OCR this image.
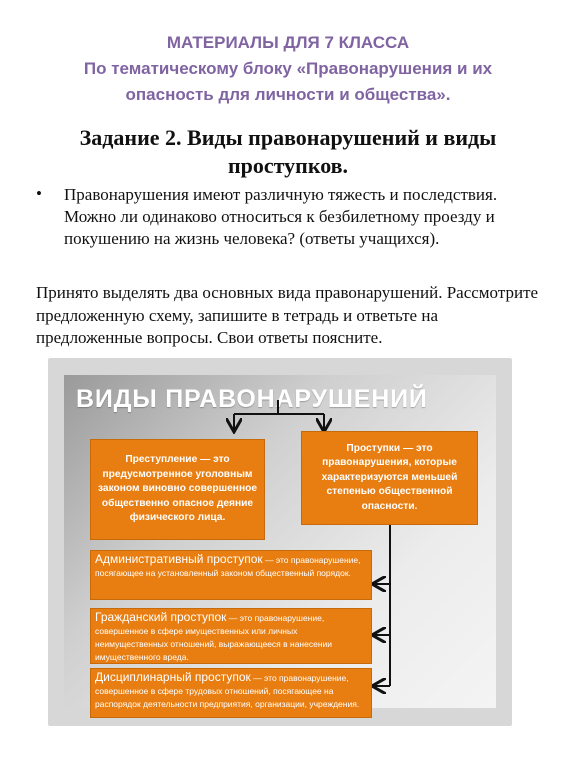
МАТЕРИАЛЫ ДЛЯ 7 КЛАССА
По тематическому блоку «Правонарушения и их
опасность для личности и общества».
Задание 2. Виды правонарушений и виды проступков.
• Правонарушения имеют различную тяжесть и последствия. Можно ли одинаково относиться к безбилетному проезду и покушению на жизнь человека? (ответы учащихся).
Принято выделять два основных вида правонарушений. Рассмотрите предложенную схему, запишите в тетрадь и ответьте на предложенные вопросы. Свои ответы поясните.
ВИДЫ ПРАВОНАРУШЕНИЙ
Преступление — это предусмотренное уголовным законом виновно совершенное общественно опасное деяние физического лица.
Проступки — это правонарушения, которые характеризуются меньшей степенью общественной опасности.
Административный проступок — это правонарушение, посягающее на установленный законом общественный порядок.
Гражданский проступок — это правонарушение, совершенное в сфере имущественных или личных неимущественных отношений, выражающееся в нанесении имущественного вреда.
Дисциплинарный проступок — это правонарушение, совершенное в сфере трудовых отношений, посягающее на распорядок деятельности предприятия, организации, учреждения.
